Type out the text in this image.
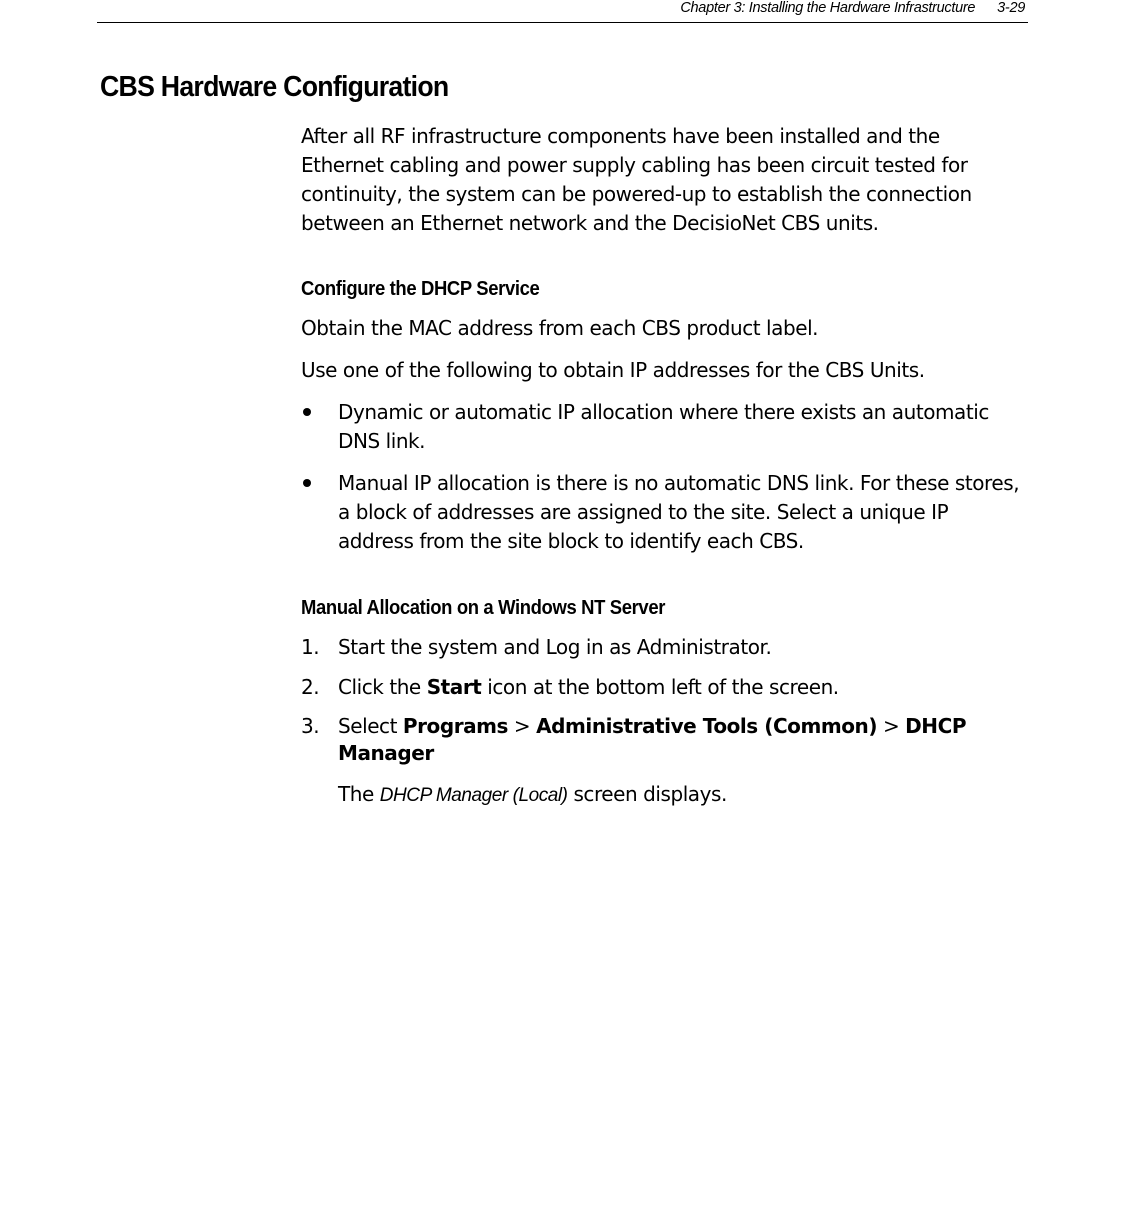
Chapter 3: Installing the Hardware Infrastructure 3-29
CBS Hardware Configuration

After all RF infrastructure components have been installed and the Ethernet cabling and power supply cabling has been circuit tested for continuity, the system can be powered-up to establish the connection between an Ethernet network and the DecisioNet CBS units.

Configure the DHCP Service

Obtain the MAC address from each CBS product label.

Use one of the following to obtain IP addresses for the CBS Units.

Dynamic or automatic IP allocation where there exists an automatic DNS link.
Manual IP allocation is there is no automatic DNS link. For these stores, a block of addresses are assigned to the site. Select a unique IP address from the site block to identify each CBS.
Manual Allocation on a Windows NT Server
1. Start the system and Log in as Administrator.
2. Click the Start icon at the bottom left of the screen.
3. Select Programs > Administrative Tools (Common) > DHCP Manager

The DHCP Manager (Local) screen displays.
